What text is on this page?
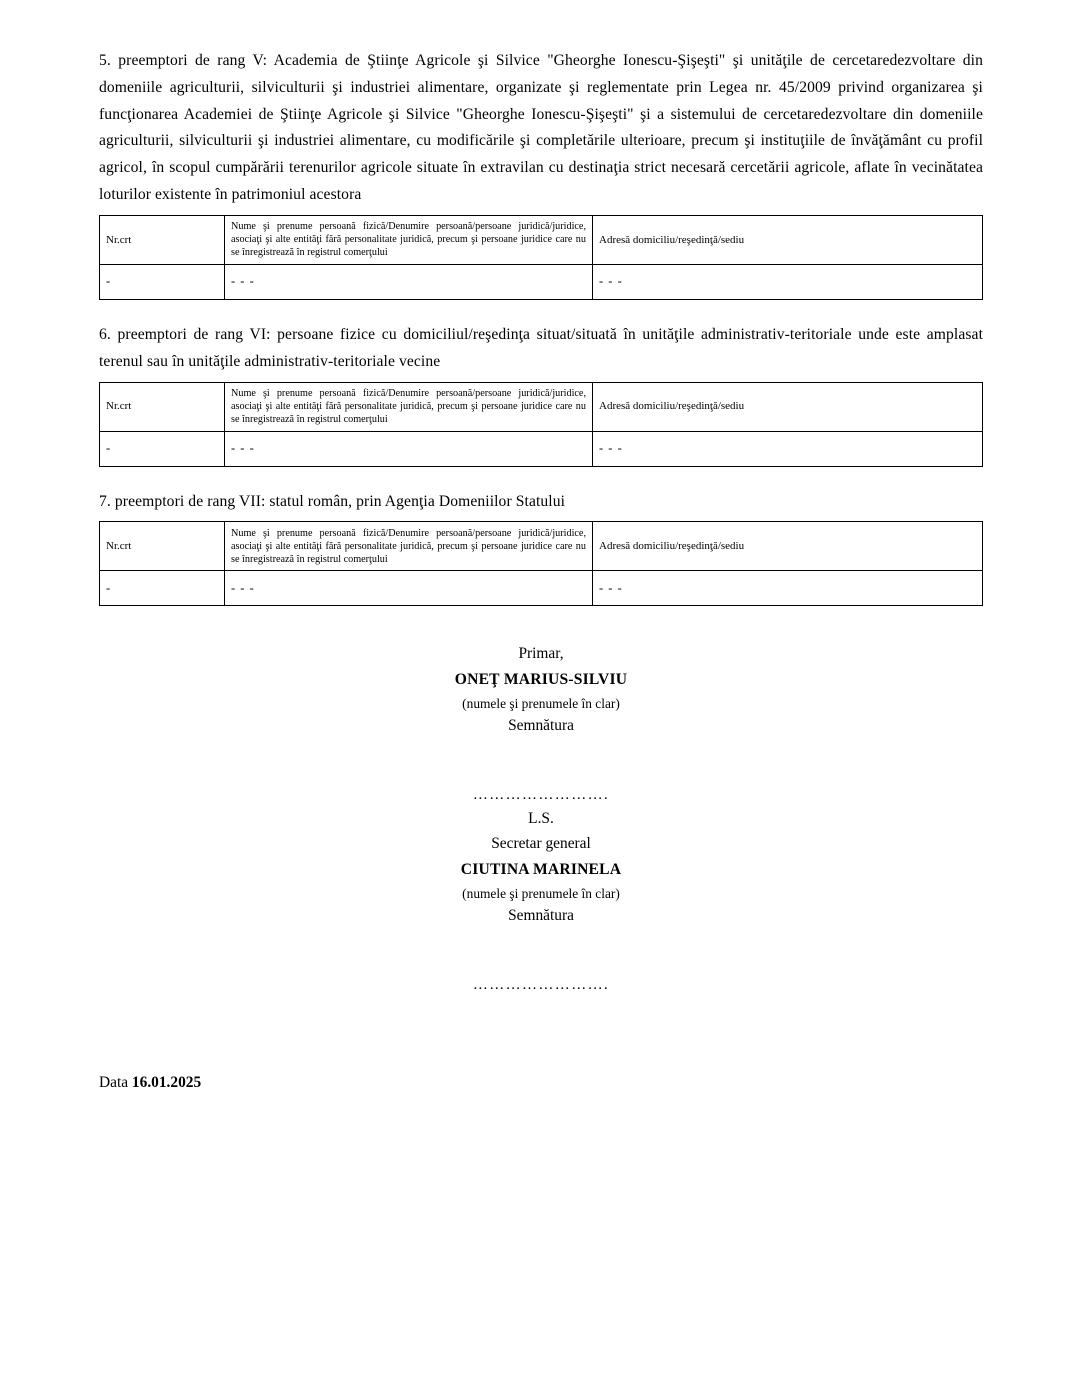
5. preemptori de rang V: Academia de Ştiinţe Agricole şi Silvice "Gheorghe Ionescu-Şişeşti" şi unităţile de cercetaredezvoltare din domeniile agriculturii, silviculturii şi industriei alimentare, organizate şi reglementate prin Legea nr. 45/2009 privind organizarea şi funcţionarea Academiei de Ştiinţe Agricole şi Silvice "Gheorghe Ionescu-Şişeşti" şi a sistemului de cercetaredezvoltare din domeniile agriculturii, silviculturii şi industriei alimentare, cu modificările şi completările ulterioare, precum şi instituţiile de învăţământ cu profil agricol, în scopul cumpărării terenurilor agricole situate în extravilan cu destinaţia strict necesară cercetării agricole, aflate în vecinătatea loturilor existente în patrimoniul acestora

Nr.crt	Nume şi prenume persoană fizică/Denumire persoană/persoane juridică/juridice, asociaţi şi alte entităţi fără personalitate juridică, precum şi persoane juridice care nu se înregistrează în registrul comerţului	Adresă domiciliu/reşedinţă/sediu
-	- - -	- - -

6. preemptori de rang VI: persoane fizice cu domiciliul/reşedinţa situat/situată în unităţile administrativ-teritoriale unde este amplasat terenul sau în unităţile administrativ-teritoriale vecine

Nr.crt	Nume şi prenume persoană fizică/Denumire persoană/persoane juridică/juridice, asociaţi şi alte entităţi fără personalitate juridică, precum şi persoane juridice care nu se înregistrează în registrul comerţului	Adresă domiciliu/reşedinţă/sediu
-	- - -	- - -

7. preemptori de rang VII: statul român, prin Agenţia Domeniilor Statului

Nr.crt	Nume şi prenume persoană fizică/Denumire persoană/persoane juridică/juridice, asociaţi şi alte entităţi fără personalitate juridică, precum şi persoane juridice care nu se înregistrează în registrul comerţului	Adresă domiciliu/reşedinţă/sediu
-	- - -	- - -

Primar,

ONEŢ MARIUS-SILVIU

(numele şi prenumele în clar)

Semnătura

…………………….

L.S.

Secretar general

CIUTINA MARINELA

(numele şi prenumele în clar)

Semnătura

…………………….

Data 16.01.2025
